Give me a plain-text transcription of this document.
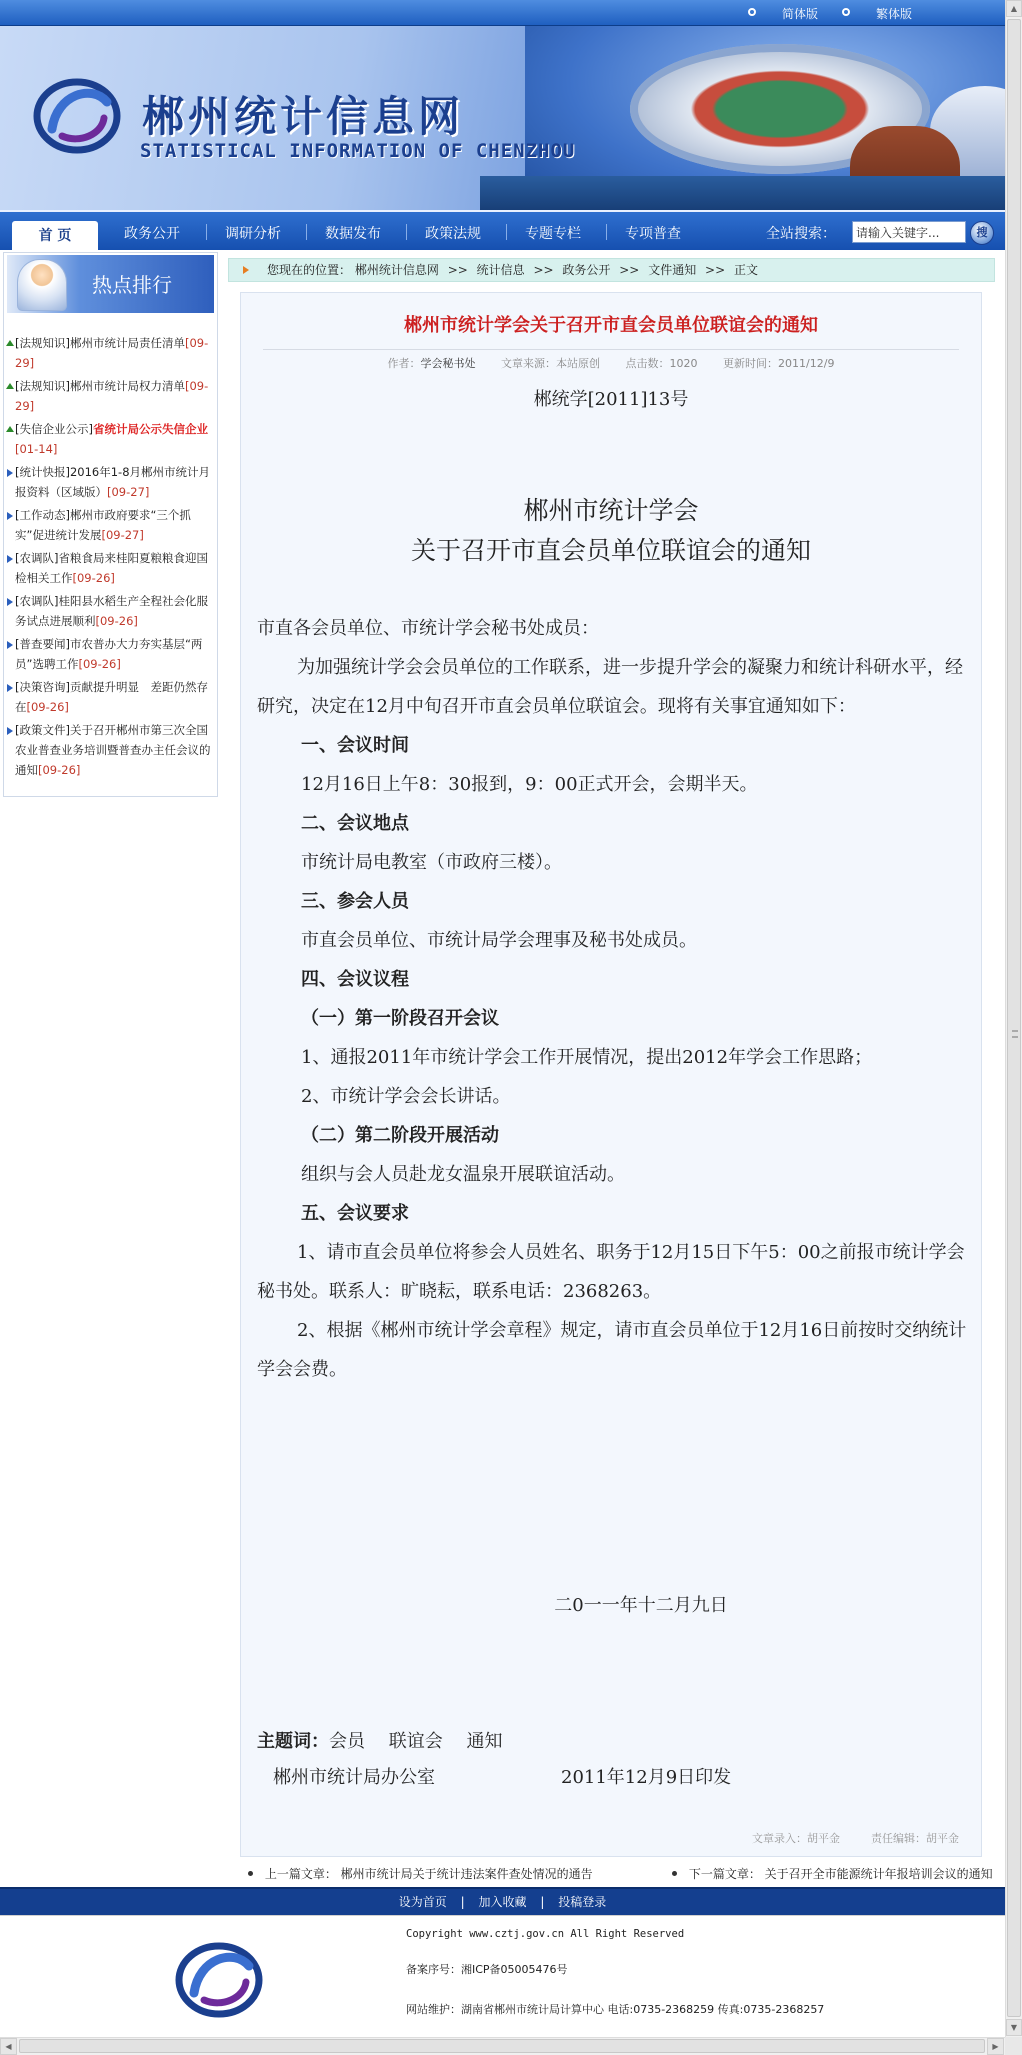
简体版	繁体版
郴州统计信息网
STATISTICAL INFORMATION OF CHENZHOU
首 页	政务公开	调研分析	数据发布	政策法规	专题专栏	专项普查	全站搜索：
请输入关键字...	搜
热点排行
[法规知识]郴州市统计局责任清单[09-29]
[法规知识]郴州市统计局权力清单[09-29]
[失信企业公示]省统计局公示失信企业[01-14]
[统计快报]2016年1-8月郴州市统计月报资料（区域版）[09-27]
[工作动态]郴州市政府要求“三个抓实”促进统计发展[09-27]
[农调队]省粮食局来桂阳夏粮粮食迎国检相关工作[09-26]
[农调队]桂阳县水稻生产全程社会化服务试点进展顺利[09-26]
[普查要闻]市农普办大力夯实基层“两员”选聘工作[09-26]
[决策咨询]贡献提升明显　差距仍然存在[09-26]
[政策文件]关于召开郴州市第三次全国农业普查业务培训暨普查办主任会议的通知[09-26]
您现在的位置： 郴州统计信息网 >> 统计信息 >> 政务公开 >> 文件通知 >> 正文
郴州市统计学会关于召开市直会员单位联谊会的通知
作者：学会秘书处 文章来源：本站原创 点击数：1020 更新时间：2011/12/9
郴统学[2011]13号
郴州市统计学会
关于召开市直会员单位联谊会的通知

市直各会员单位、市统计学会秘书处成员：

为加强统计学会会员单位的工作联系，进一步提升学会的凝聚力和统计科研水平，经研究，决定在12月中旬召开市直会员单位联谊会。现将有关事宜通知如下：

一、会议时间

12月16日上午8：30报到，9：00正式开会，会期半天。

二、会议地点

市统计局电教室（市政府三楼）。

三、参会人员

市直会员单位、市统计局学会理事及秘书处成员。

四、会议议程

（一）第一阶段召开会议

1、通报2011年市统计学会工作开展情况，提出2012年学会工作思路；

2、市统计学会会长讲话。

（二）第二阶段开展活动

组织与会人员赴龙女温泉开展联谊活动。

五、会议要求

1、请市直会员单位将参会人员姓名、职务于12月15日下午5：00之前报市统计学会秘书处。联系人：旷晓耘，联系电话：2368263。

2、根据《郴州市统计学会章程》规定，请市直会员单位于12月16日前按时交纳统计学会会费。

二0一一年十二月九日
主题词：会员　 联谊会　 通知
郴州市统计局办公室　　　　　　　2011年12月9日印发
文章录入：胡平金	责任编辑：胡平金
上一篇文章： 郴州市统计局关于统计违法案件查处情况的通告	下一篇文章： 关于召开全市能源统计年报培训会议的通知
设为首页 | 加入收藏 | 投稿登录
Copyright www.cztj.gov.cn All Right Reserved
备案序号：湘ICP备05005476号
网站维护：湖南省郴州市统计局计算中心 电话:0735-2368259 传真:0735-2368257
▲
▼
◀	▶
